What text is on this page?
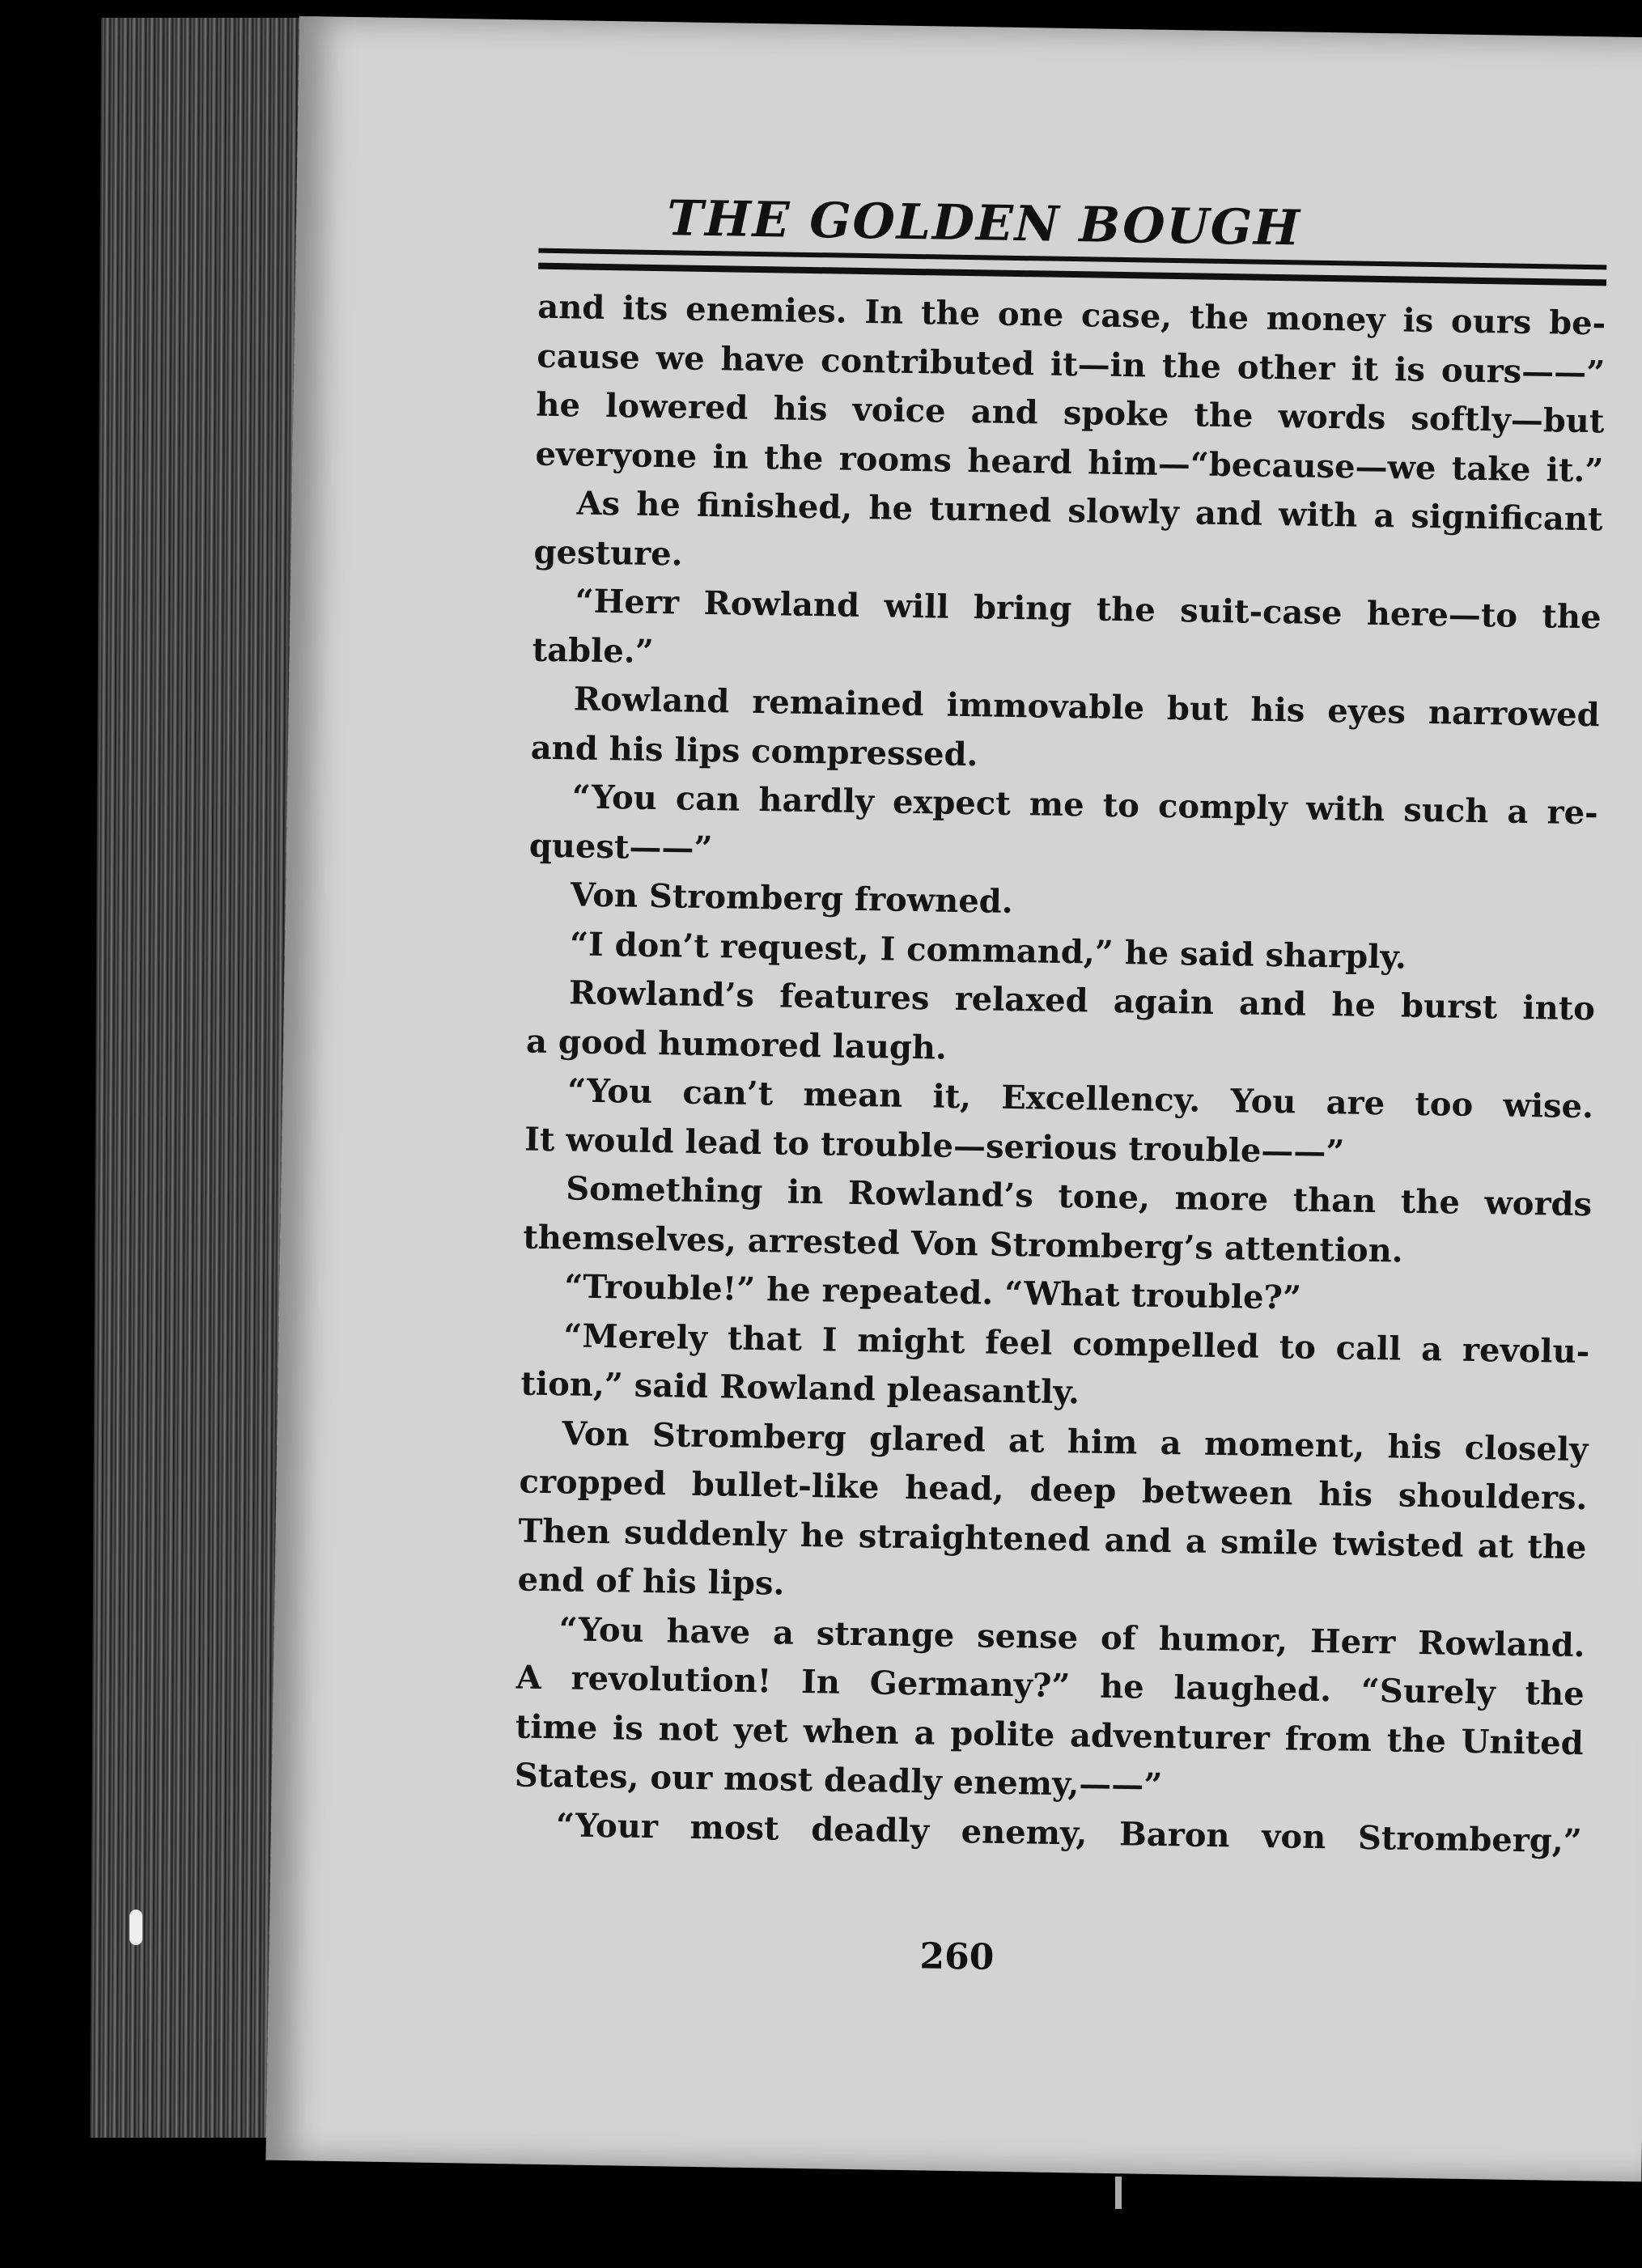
THE GOLDEN BOUGH
and its enemies. In the one case, the money is ours be-
cause we have contributed it—in the other it is ours——”
he lowered his voice and spoke the words softly—but
everyone in the rooms heard him—“because—we take it.”
As he finished, he turned slowly and with a significant
gesture.
“Herr Rowland will bring the suit-case here—to the
table.”
Rowland remained immovable but his eyes narrowed
and his lips compressed.
“You can hardly expect me to comply with such a re-
quest——”
Von Stromberg frowned.
“I don’t request, I command,” he said sharply.
Rowland’s features relaxed again and he burst into
a good humored laugh.
“You can’t mean it, Excellency. You are too wise.
It would lead to trouble—serious trouble——”
Something in Rowland’s tone, more than the words
themselves, arrested Von Stromberg’s attention.
“Trouble!” he repeated. “What trouble?”
“Merely that I might feel compelled to call a revolu-
tion,” said Rowland pleasantly.
Von Stromberg glared at him a moment, his closely
cropped bullet-like head, deep between his shoulders.
Then suddenly he straightened and a smile twisted at the
end of his lips.
“You have a strange sense of humor, Herr Rowland.
A revolution! In Germany?” he laughed. “Surely the
time is not yet when a polite adventurer from the United
States, our most deadly enemy,——”
“Your most deadly enemy, Baron von Stromberg,”
260
